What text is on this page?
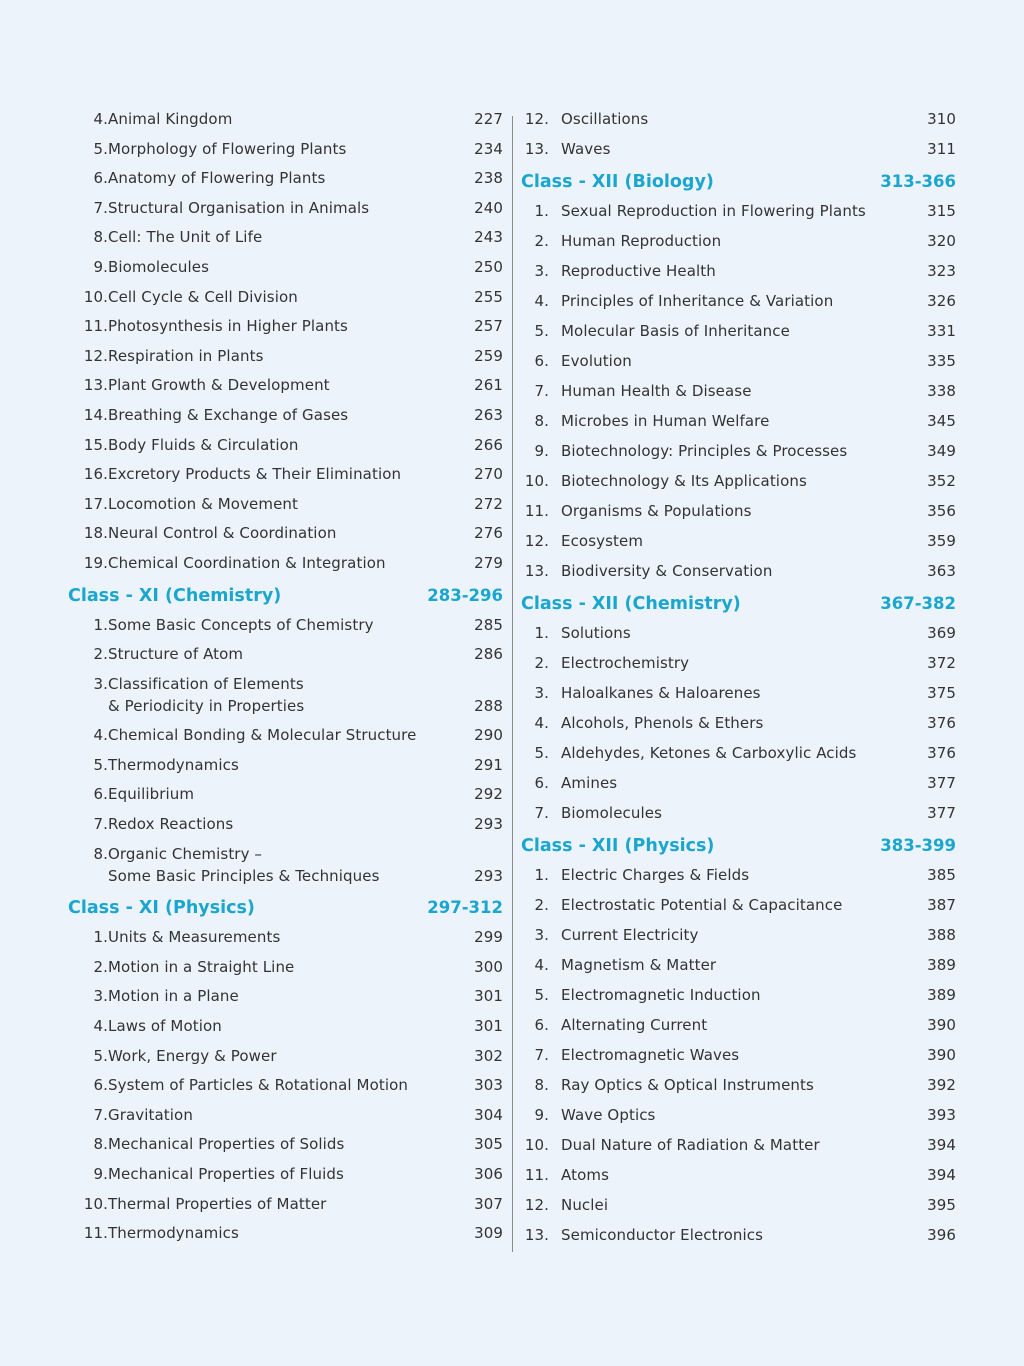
4. Animal Kingdom	227
5. Morphology of Flowering Plants	234
6. Anatomy of Flowering Plants	238
7. Structural Organisation in Animals	240
8. Cell: The Unit of Life	243
9. Biomolecules	250
10. Cell Cycle & Cell Division	255
11. Photosynthesis in Higher Plants	257
12. Respiration in Plants	259
13. Plant Growth & Development	261
14. Breathing & Exchange of Gases	263
15. Body Fluids & Circulation	266
16. Excretory Products & Their Elimination	270
17. Locomotion & Movement	272
18. Neural Control & Coordination	276
19. Chemical Coordination & Integration	279
Class - XI (Chemistry)	283-296
1. Some Basic Concepts of Chemistry	285
2. Structure of Atom	286
3. Classification of Elements
& Periodicity in Properties	288
4. Chemical Bonding & Molecular Structure	290
5. Thermodynamics	291
6. Equilibrium	292
7. Redox Reactions	293
8. Organic Chemistry –
Some Basic Principles & Techniques	293
Class - XI (Physics)	297-312
1. Units & Measurements	299
2. Motion in a Straight Line	300
3. Motion in a Plane	301
4. Laws of Motion	301
5. Work, Energy & Power	302
6. System of Particles & Rotational Motion	303
7. Gravitation	304
8. Mechanical Properties of Solids	305
9. Mechanical Properties of Fluids	306
10. Thermal Properties of Matter	307
11. Thermodynamics	309
12. Oscillations	310
13. Waves	311
Class - XII (Biology)	313-366
1. Sexual Reproduction in Flowering Plants	315
2. Human Reproduction	320
3. Reproductive Health	323
4. Principles of Inheritance & Variation	326
5. Molecular Basis of Inheritance	331
6. Evolution	335
7. Human Health & Disease	338
8. Microbes in Human Welfare	345
9. Biotechnology: Principles & Processes	349
10. Biotechnology & Its Applications	352
11. Organisms & Populations	356
12. Ecosystem	359
13. Biodiversity & Conservation	363
Class - XII (Chemistry)	367-382
1. Solutions	369
2. Electrochemistry	372
3. Haloalkanes & Haloarenes	375
4. Alcohols, Phenols & Ethers	376
5. Aldehydes, Ketones & Carboxylic Acids	376
6. Amines	377
7. Biomolecules	377
Class - XII (Physics)	383-399
1. Electric Charges & Fields	385
2. Electrostatic Potential & Capacitance	387
3. Current Electricity	388
4. Magnetism & Matter	389
5. Electromagnetic Induction	389
6. Alternating Current	390
7. Electromagnetic Waves	390
8. Ray Optics & Optical Instruments	392
9. Wave Optics	393
10. Dual Nature of Radiation & Matter	394
11. Atoms	394
12. Nuclei	395
13. Semiconductor Electronics	396
